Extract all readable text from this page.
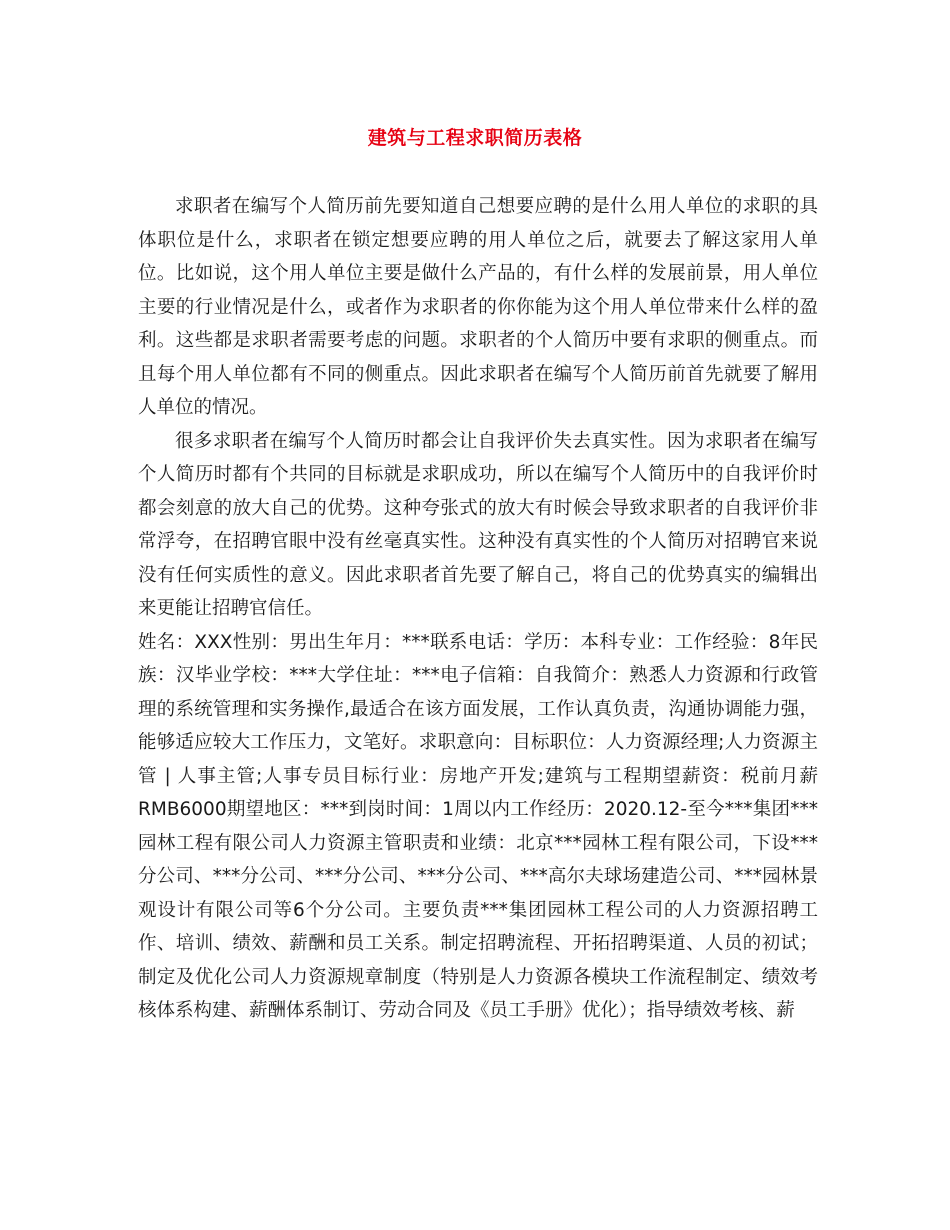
建筑与工程求职简历表格

求职者在编写个人简历前先要知道自己想要应聘的是什么用人单位的求职的具体职位是什么，求职者在锁定想要应聘的用人单位之后，就要去了解这家用人单位。比如说，这个用人单位主要是做什么产品的，有什么样的发展前景，用人单位主要的行业情况是什么，或者作为求职者的你你能为这个用人单位带来什么样的盈利。这些都是求职者需要考虑的问题。求职者的个人简历中要有求职的侧重点。而且每个用人单位都有不同的侧重点。因此求职者在编写个人简历前首先就要了解用人单位的情况。

很多求职者在编写个人简历时都会让自我评价失去真实性。因为求职者在编写个人简历时都有个共同的目标就是求职成功，所以在编写个人简历中的自我评价时都会刻意的放大自己的优势。这种夸张式的放大有时候会导致求职者的自我评价非常浮夸，在招聘官眼中没有丝毫真实性。这种没有真实性的个人简历对招聘官来说没有任何实质性的意义。因此求职者首先要了解自己，将自己的优势真实的编辑出来更能让招聘官信任。

姓名：XXX性别：男出生年月：***联系电话：学历：本科专业：工作经验：8年民族：汉毕业学校：***大学住址：***电子信箱：自我简介：熟悉人力资源和行政管理的系统管理和实务操作,最适合在该方面发展，工作认真负责，沟通协调能力强，能够适应较大工作压力，文笔好。求职意向：目标职位：人力资源经理;人力资源主管 | 人事主管;人事专员目标行业：房地产开发;建筑与工程期望薪资：税前月薪RMB6000期望地区：***到岗时间：1周以内工作经历：2020.12-至今***集团***园林工程有限公司人力资源主管职责和业绩：北京***园林工程有限公司，下设***分公司、***分公司、***分公司、***分公司、***高尔夫球场建造公司、***园林景观设计有限公司等6个分公司。主要负责***集团园林工程公司的人力资源招聘工作、培训、绩效、薪酬和员工关系。制定招聘流程、开拓招聘渠道、人员的初试；制定及优化公司人力资源规章制度（特别是人力资源各模块工作流程制定、绩效考核体系构建、薪酬体系制订、劳动合同及《员工手册》优化）；指导绩效考核、薪
